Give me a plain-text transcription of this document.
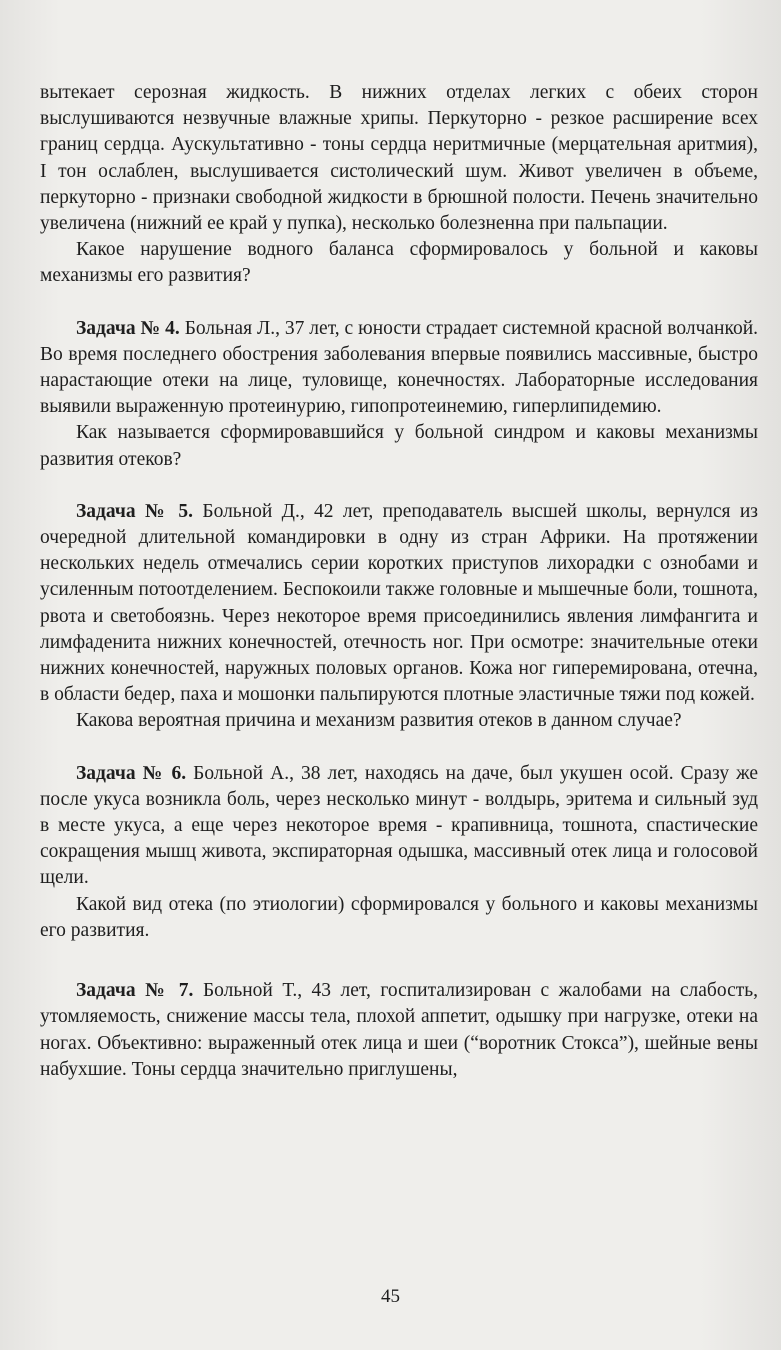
вытекает серозная жидкость. В нижних отделах легких с обеих сторон выслушиваются незвучные влажные хрипы. Перкуторно - резкое расширение всех границ сердца. Аускультативно - тоны сердца неритмичные (мерцательная аритмия), I тон ослаблен, выслушивается систолический шум. Живот увеличен в объеме, перкуторно - признаки свободной жидкости в брюшной полости. Печень значительно увеличена (нижний ее край у пупка), несколько болезненна при пальпации.

Какое нарушение водного баланса сформировалось у больной и каковы механизмы его развития?

Задача № 4. Больная Л., 37 лет, с юности страдает системной красной волчанкой. Во время последнего обострения заболевания впервые появились массивные, быстро нарастающие отеки на лице, туловище, конечностях. Лабораторные исследования выявили выраженную протеинурию, гипопротеинемию, гиперлипидемию.

Как называется сформировавшийся у больной синдром и каковы механизмы развития отеков?

Задача № 5. Больной Д., 42 лет, преподаватель высшей школы, вернулся из очередной длительной командировки в одну из стран Африки. На протяжении нескольких недель отмечались серии коротких приступов лихорадки с ознобами и усиленным потоотделением. Беспокоили также головные и мышечные боли, тошнота, рвота и светобоязнь. Через некоторое время присоединились явления лимфангита и лимфаденита нижних конечностей, отечность ног. При осмотре: значительные отеки нижних конечностей, наружных половых органов. Кожа ног гиперемирована, отечна, в области бедер, паха и мошонки пальпируются плотные эластичные тяжи под кожей.

Какова вероятная причина и механизм развития отеков в данном случае?

Задача № 6. Больной А., 38 лет, находясь на даче, был укушен осой. Сразу же после укуса возникла боль, через несколько минут - волдырь, эритема и сильный зуд в месте укуса, а еще через некоторое время - крапивница, тошнота, спастические сокращения мышц живота, экспираторная одышка, массивный отек лица и голосовой щели.

Какой вид отека (по этиологии) сформировался у больного и каковы механизмы его развития.

Задача № 7. Больной Т., 43 лет, госпитализирован с жалобами на слабость, утомляемость, снижение массы тела, плохой аппетит, одышку при нагрузке, отеки на ногах. Объективно: выраженный отек лица и шеи (“воротник Стокса”), шейные вены набухшие. Тоны сердца значительно приглушены,

45
